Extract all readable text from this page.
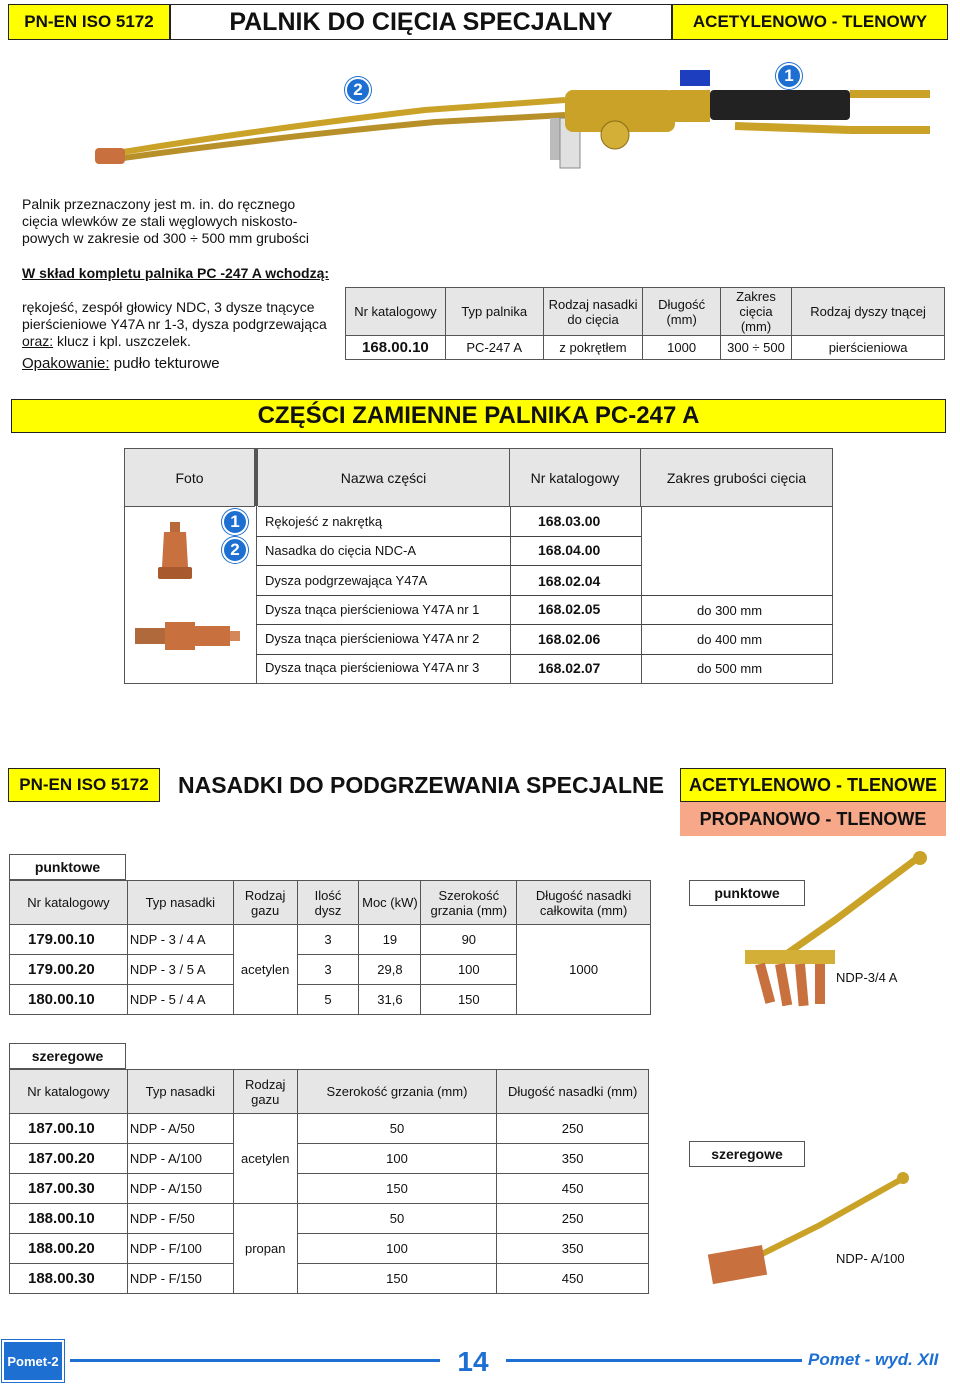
PN-EN ISO 5172	PALNIK DO CIĘCIA SPECJALNY	ACETYLENOWO - TLENOWY
2
1
Palnik przeznaczony jest m. in. do ręcznego
cięcia wlewków ze stali węglowych niskosto-
powych w zakresie od 300 ÷ 500 mm grubości
W skład kompletu palnika PC -247 A wchodzą:
rękojeść, zespół głowicy NDC, 3 dysze tnącyce
pierścieniowe Y47A nr 1-3, dysza podgrzewająca
oraz: klucz i kpl. uszczelek.
Opakowanie: pudło tekturowe
Nr katalogowy	Typ palnika	Rodzaj nasadki do cięcia	Długość (mm)	Zakres cięcia (mm)	Rodzaj dyszy tnącej
168.00.10	PC-247 A	z pokrętłem	1000	300 ÷ 500	pierścieniowa
CZĘŚCI ZAMIENNE PALNIKA PC-247 A
Foto	Nazwa części	Nr katalogowy	Zakres grubości cięcia
1
2
Rękojeść z nakrętką	168.03.00
Nasadka do cięcia NDC-A	168.04.00
Dysza podgrzewająca Y47A	168.02.04
Dysza tnąca pierścieniowa Y47A nr 1	168.02.05	do 300 mm
Dysza tnąca pierścieniowa Y47A nr 2	168.02.06	do 400 mm
Dysza tnąca pierścieniowa Y47A nr 3	168.02.07	do 500 mm
PN-EN ISO 5172	NASADKI DO PODGRZEWANIA SPECJALNE	ACETYLENOWO - TLENOWE
PROPANOWO - TLENOWE
punktowe
Nr katalogowy	Typ nasadki	Rodzaj gazu	Ilość dysz	Moc (kW)	Szerokość grzania (mm)	Długość nasadki całkowita (mm)
179.00.10	NDP - 3 / 4 A	acetylen	3	19	90	1000
179.00.20	NDP - 3 / 5 A		3	29,8	100	
180.00.10	NDP - 5 / 4 A		5	31,6	150	
punktowe
NDP-3/4 A
szeregowe
Nr katalogowy	Typ nasadki	Rodzaj gazu	Szerokość grzania (mm)	Długość nasadki (mm)
187.00.10	NDP - A/50	acetylen	50	250
187.00.20	NDP - A/100		100	350
187.00.30	NDP - A/150		150	450
188.00.10	NDP - F/50	propan	50	250
188.00.20	NDP - F/100		100	350
188.00.30	NDP - F/150		150	450
szeregowe
NDP- A/100
Pomet-2	14	Pomet - wyd. XII
